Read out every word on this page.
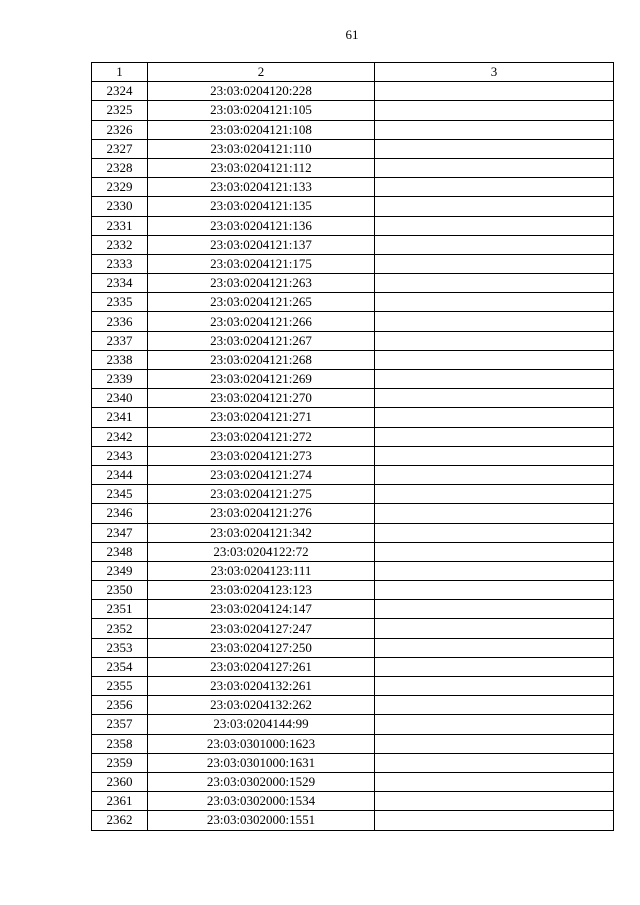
61
1	2	3
2324	23:03:0204120:228	
2325	23:03:0204121:105	
2326	23:03:0204121:108	
2327	23:03:0204121:110	
2328	23:03:0204121:112	
2329	23:03:0204121:133	
2330	23:03:0204121:135	
2331	23:03:0204121:136	
2332	23:03:0204121:137	
2333	23:03:0204121:175	
2334	23:03:0204121:263	
2335	23:03:0204121:265	
2336	23:03:0204121:266	
2337	23:03:0204121:267	
2338	23:03:0204121:268	
2339	23:03:0204121:269	
2340	23:03:0204121:270	
2341	23:03:0204121:271	
2342	23:03:0204121:272	
2343	23:03:0204121:273	
2344	23:03:0204121:274	
2345	23:03:0204121:275	
2346	23:03:0204121:276	
2347	23:03:0204121:342	
2348	23:03:0204122:72	
2349	23:03:0204123:111	
2350	23:03:0204123:123	
2351	23:03:0204124:147	
2352	23:03:0204127:247	
2353	23:03:0204127:250	
2354	23:03:0204127:261	
2355	23:03:0204132:261	
2356	23:03:0204132:262	
2357	23:03:0204144:99	
2358	23:03:0301000:1623	
2359	23:03:0301000:1631	
2360	23:03:0302000:1529	
2361	23:03:0302000:1534	
2362	23:03:0302000:1551	
